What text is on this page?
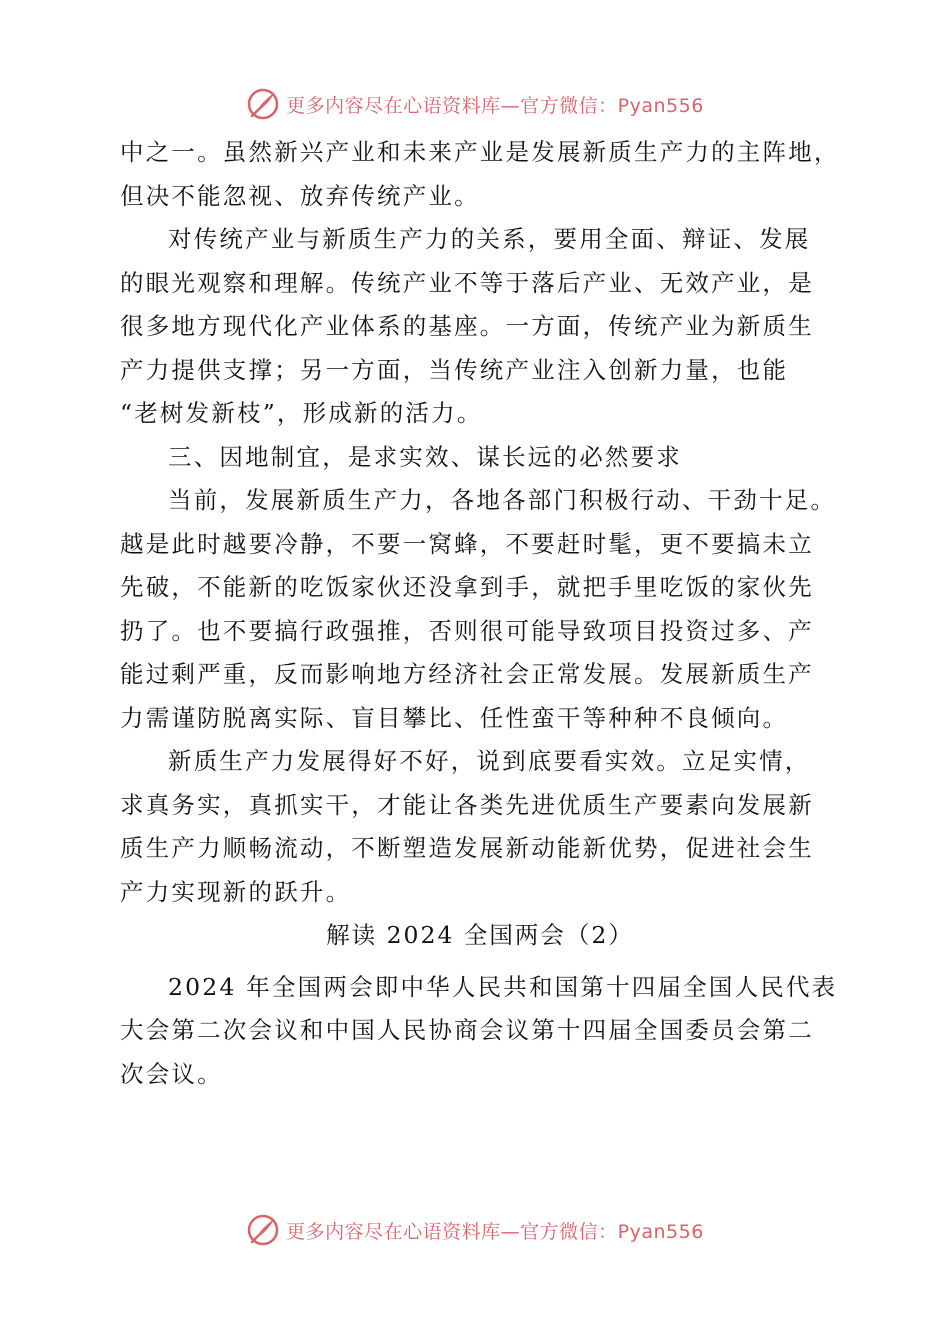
更多内容尽在心语资料库—官方微信：Pyan556

中之一。虽然新兴产业和未来产业是发展新质生产力的主阵地，
但决不能忽视、放弃传统产业。

对传统产业与新质生产力的关系，要用全面、辩证、发展
的眼光观察和理解。传统产业不等于落后产业、无效产业，是
很多地方现代化产业体系的基座。一方面，传统产业为新质生
产力提供支撑；另一方面，当传统产业注入创新力量，也能
“老树发新枝”，形成新的活力。

三、因地制宜，是求实效、谋长远的必然要求

当前，发展新质生产力，各地各部门积极行动、干劲十足。
越是此时越要冷静，不要一窝蜂，不要赶时髦，更不要搞未立
先破，不能新的吃饭家伙还没拿到手，就把手里吃饭的家伙先
扔了。也不要搞行政强推，否则很可能导致项目投资过多、产
能过剩严重，反而影响地方经济社会正常发展。发展新质生产
力需谨防脱离实际、盲目攀比、任性蛮干等种种不良倾向。

新质生产力发展得好不好，说到底要看实效。立足实情，
求真务实，真抓实干，才能让各类先进优质生产要素向发展新
质生产力顺畅流动，不断塑造发展新动能新优势，促进社会生
产力实现新的跃升。

解读 2024 全国两会（2）

2024 年全国两会即中华人民共和国第十四届全国人民代表
大会第二次会议和中国人民协商会议第十四届全国委员会第二
次会议。

更多内容尽在心语资料库—官方微信：Pyan556
